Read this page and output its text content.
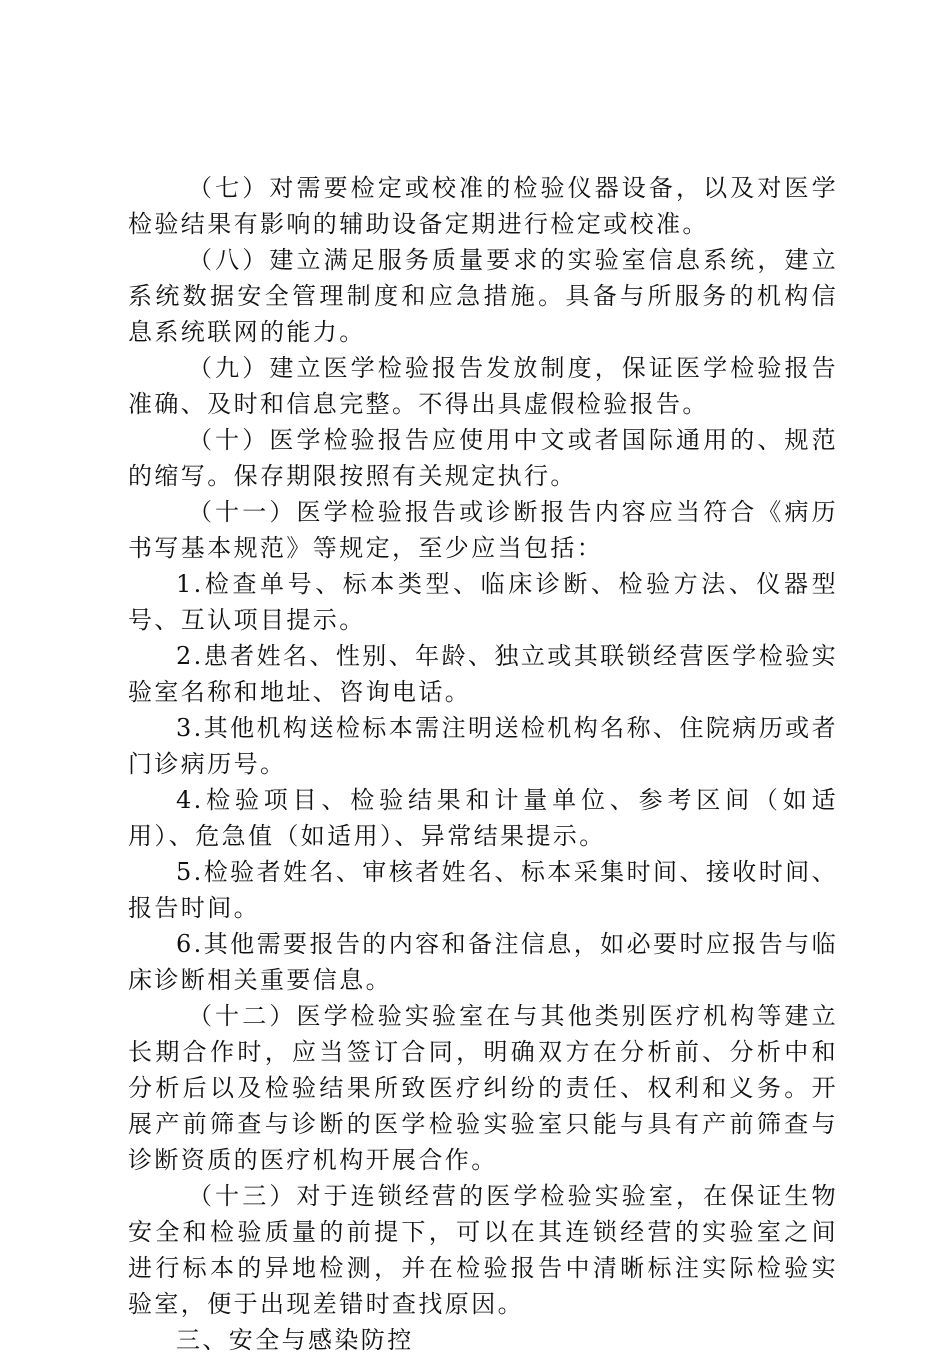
（七）对需要检定或校准的检验仪器设备，以及对医学检验结果有影响的辅助设备定期进行检定或校准。

（八）建立满足服务质量要求的实验室信息系统，建立系统数据安全管理制度和应急措施。具备与所服务的机构信息系统联网的能力。

（九）建立医学检验报告发放制度，保证医学检验报告准确、及时和信息完整。不得出具虚假检验报告。

（十）医学检验报告应使用中文或者国际通用的、规范的缩写。保存期限按照有关规定执行。

（十一）医学检验报告或诊断报告内容应当符合《病历书写基本规范》等规定，至少应当包括：

1.检查单号、标本类型、临床诊断、检验方法、仪器型号、互认项目提示。

2.患者姓名、性别、年龄、独立或其联锁经营医学检验实验室名称和地址、咨询电话。

3.其他机构送检标本需注明送检机构名称、住院病历或者门诊病历号。

4.检验项目、检验结果和计量单位、参考区间（如适用）、危急值（如适用）、异常结果提示。

5.检验者姓名、审核者姓名、标本采集时间、接收时间、报告时间。

6.其他需要报告的内容和备注信息，如必要时应报告与临床诊断相关重要信息。

（十二）医学检验实验室在与其他类别医疗机构等建立长期合作时，应当签订合同，明确双方在分析前、分析中和分析后以及检验结果所致医疗纠纷的责任、权利和义务。开展产前筛查与诊断的医学检验实验室只能与具有产前筛查与诊断资质的医疗机构开展合作。

（十三）对于连锁经营的医学检验实验室，在保证生物安全和检验质量的前提下，可以在其连锁经营的实验室之间进行标本的异地检测，并在检验报告中清晰标注实际检验实验室，便于出现差错时查找原因。

三、安全与感染防控
